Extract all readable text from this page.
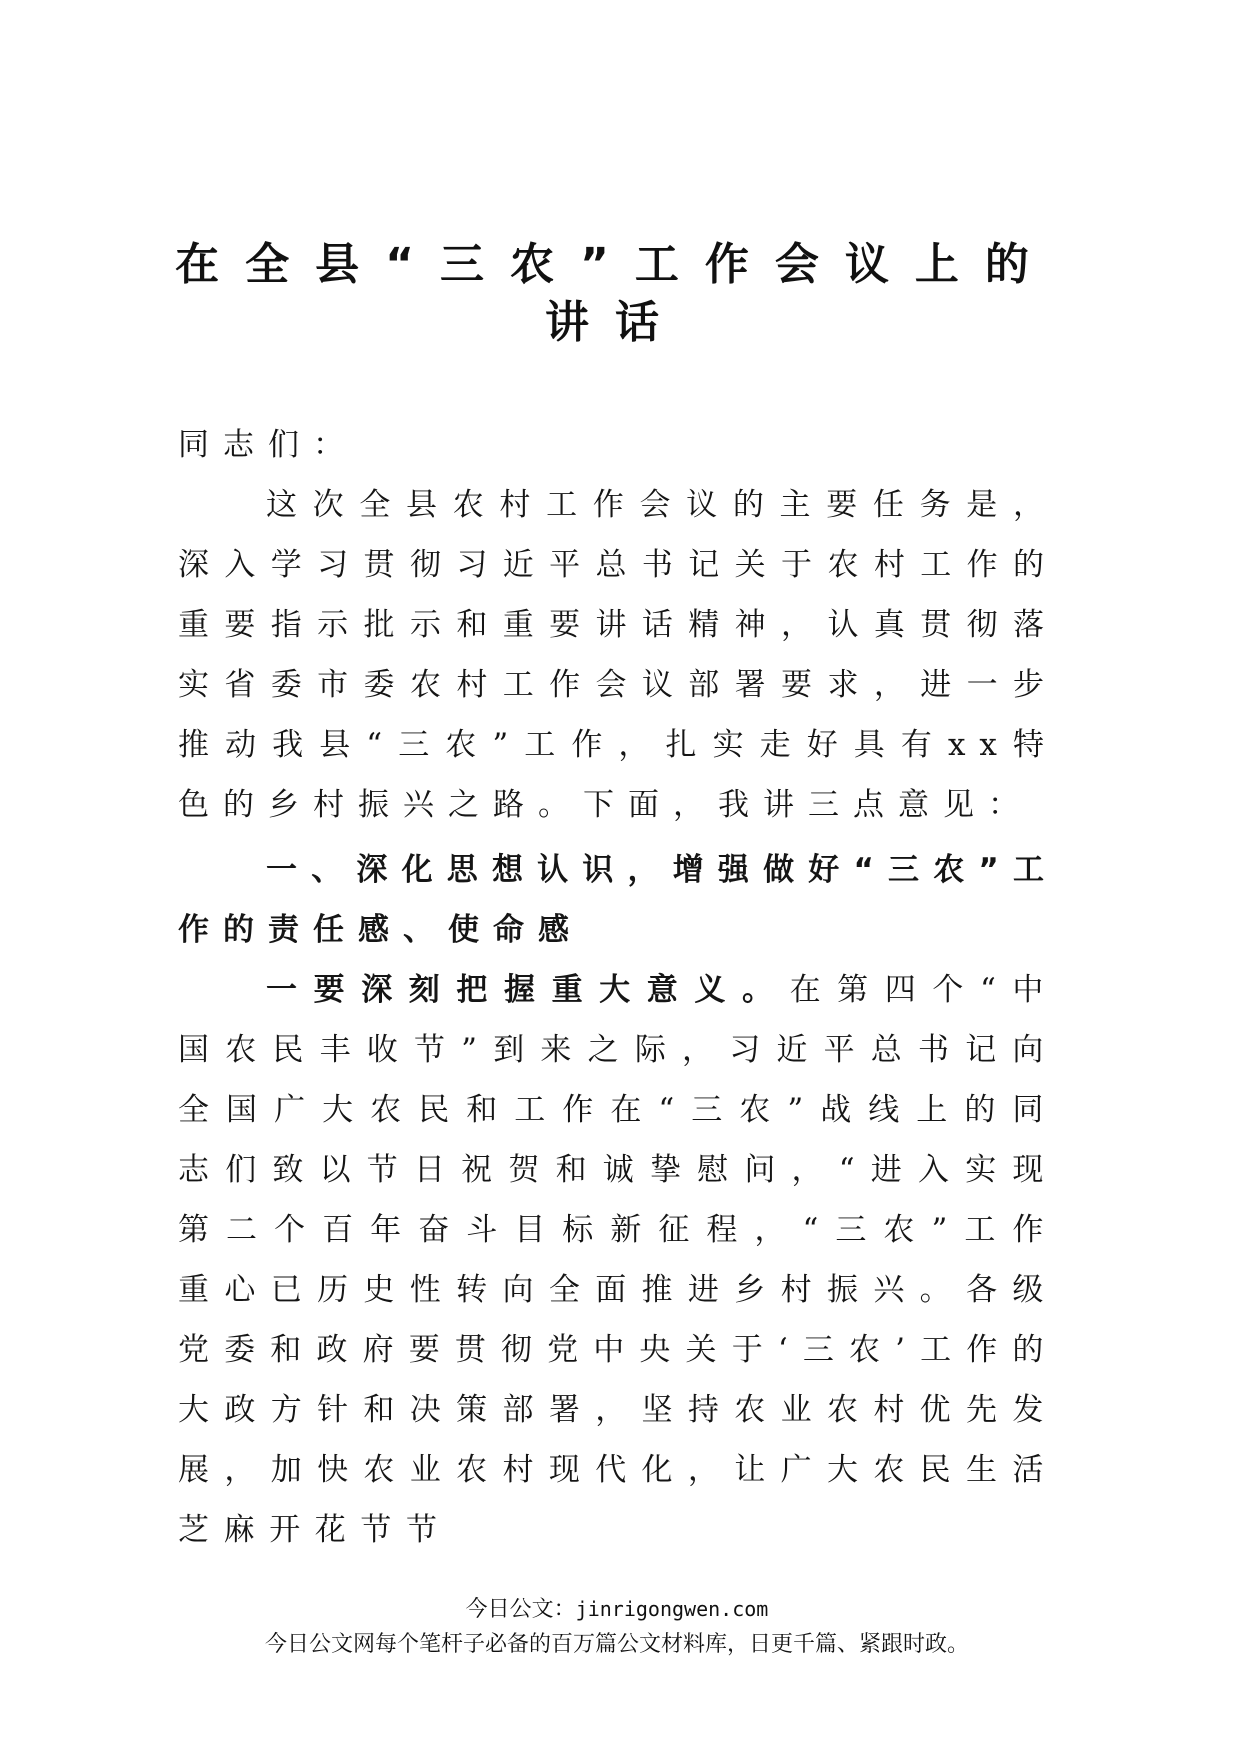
在全县“三农”工作会议上的
讲话

同志们：

这次全县农村工作会议的主要任务是，深入学习贯彻习近平总书记关于农村工作的重要指示批示和重要讲话精神，认真贯彻落实省委市委农村工作会议部署要求，进一步推动我县“三农”工作，扎实走好具有xx特色的乡村振兴之路。下面，我讲三点意见：

一、深化思想认识，增强做好“三农”工作的责任感、使命感

一要深刻把握重大意义。在第四个“中国农民丰收节”到来之际，习近平总书记向全国广大农民和工作在“三农”战线上的同志们致以节日祝贺和诚挚慰问，“进入实现第二个百年奋斗目标新征程，“三农”工作重心已历史性转向全面推进乡村振兴。各级党委和政府要贯彻党中央关于‘三农’工作的大政方针和决策部署，坚持农业农村优先发展，加快农业农村现代化，让广大农民生活芝麻开花节节

今日公文：jinrigongwen.com
今日公文网每个笔杆子必备的百万篇公文材料库，日更千篇、紧跟时政。
